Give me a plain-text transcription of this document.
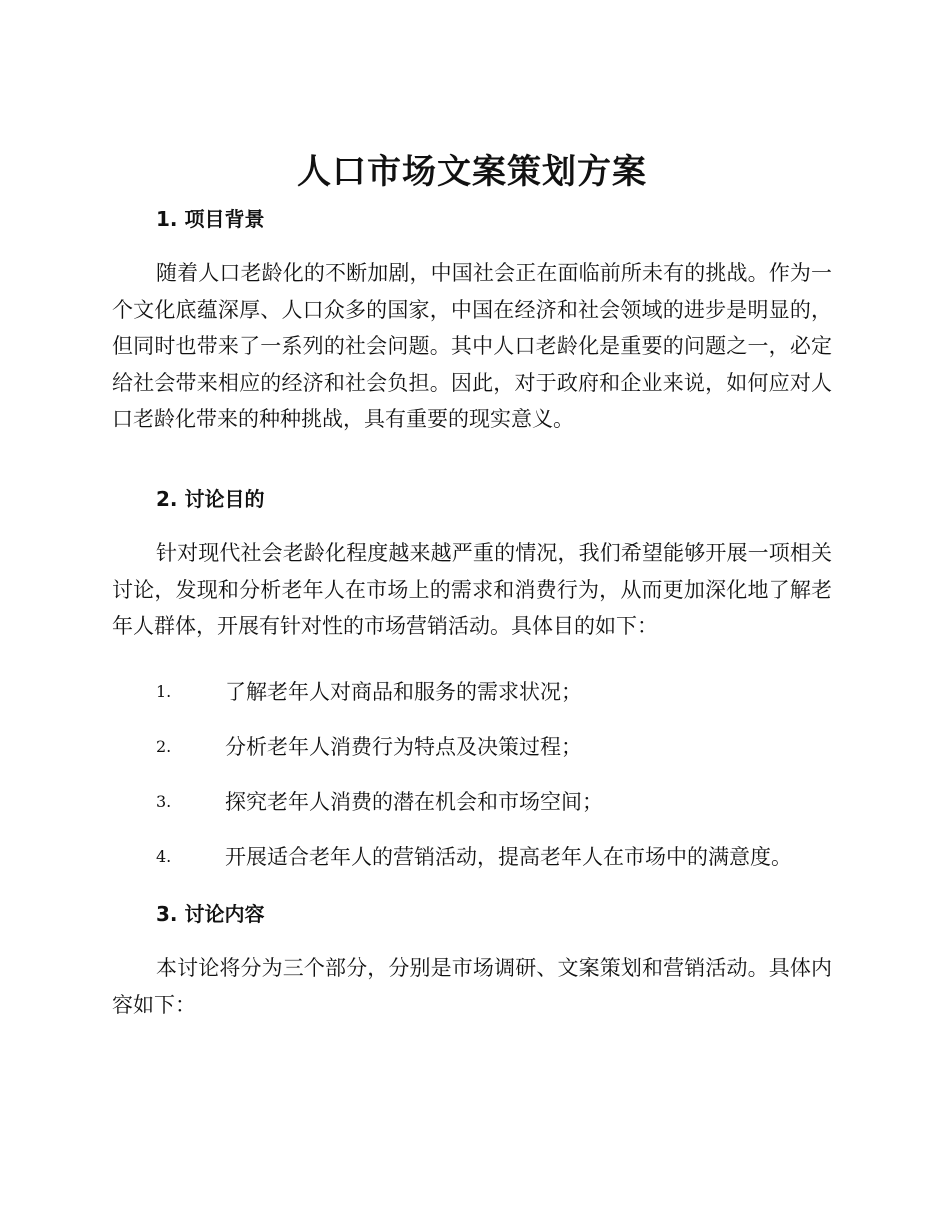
人口市场文案策划方案
1. 项目背景
随着人口老龄化的不断加剧，中国社会正在面临前所未有的挑战。作为一个文化底蕴深厚、人口众多的国家，中国在经济和社会领域的进步是明显的，但同时也带来了一系列的社会问题。其中人口老龄化是重要的问题之一，必定给社会带来相应的经济和社会负担。因此，对于政府和企业来说，如何应对人口老龄化带来的种种挑战，具有重要的现实意义。
2. 讨论目的
针对现代社会老龄化程度越来越严重的情况，我们希望能够开展一项相关讨论，发现和分析老年人在市场上的需求和消费行为，从而更加深化地了解老年人群体，开展有针对性的市场营销活动。具体目的如下：
1.	了解老年人对商品和服务的需求状况；
2.	分析老年人消费行为特点及决策过程；
3.	探究老年人消费的潜在机会和市场空间；
4.	开展适合老年人的营销活动，提高老年人在市场中的满意度。
3. 讨论内容
本讨论将分为三个部分，分别是市场调研、文案策划和营销活动。具体内容如下：
